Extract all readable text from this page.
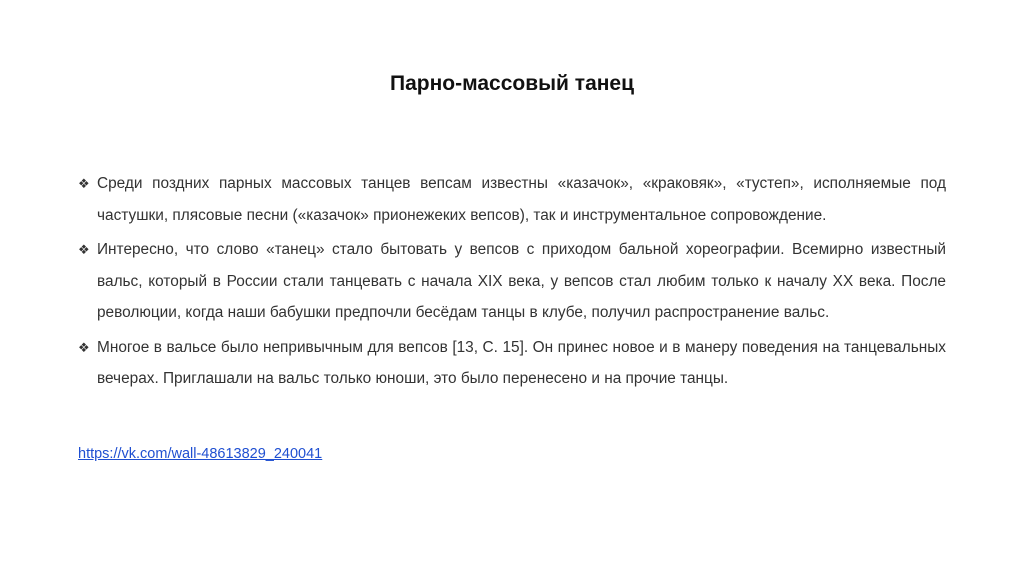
Парно-массовый танец
❖ Среди поздних парных массовых танцев вепсам известны «казачок», «краковяк», «тустеп», исполняемые под частушки, плясовые песни («казачок» прионежеких вепсов), так и инструментальное сопровождение.
❖ Интересно, что слово «танец» стало бытовать у вепсов с приходом бальной хореографии. Всемирно известный вальс, который в России стали танцевать с начала XIX века, у вепсов стал любим только к началу XX века. После революции, когда наши бабушки предпочли бесёдам танцы в клубе, получил распространение вальс.
❖ Многое в вальсе было непривычным для вепсов [13, С. 15]. Он принес новое и в манеру поведения на танцевальных вечерах. Приглашали на вальс только юноши, это было перенесено и на прочие танцы.
https://vk.com/wall-48613829_240041
